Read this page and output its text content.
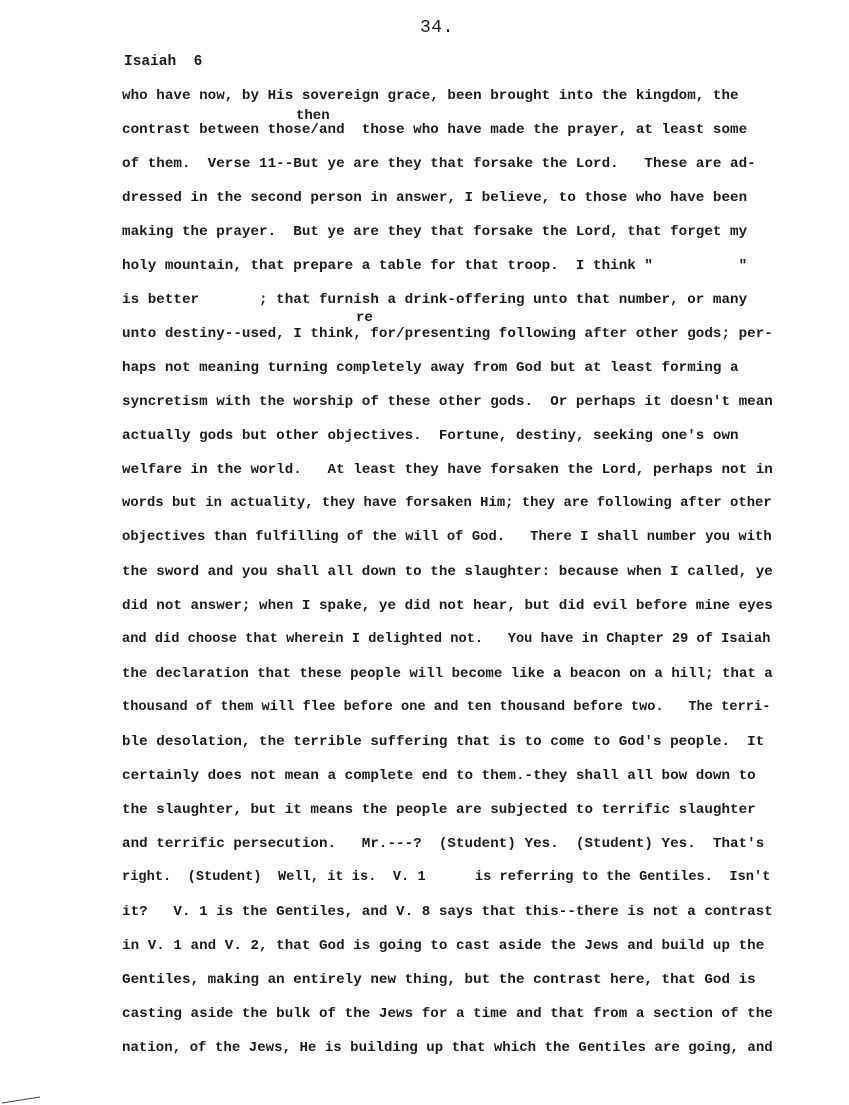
34.
Isaiah  6
then
re
who have now, by His sovereign grace, been brought into the kingdom, the
contrast between those/and  those who have made the prayer, at least some
of them.  Verse 11--But ye are they that forsake the Lord.   These are ad-
dressed in the second person in answer, I believe, to those who have been
making the prayer.  But ye are they that forsake the Lord, that forget my
holy mountain, that prepare a table for that troop.  I think "          "
is better       ; that furnish a drink-offering unto that number, or many
unto destiny--used, I think, for/presenting following after other gods; per-
haps not meaning turning completely away from God but at least forming a
syncretism with the worship of these other gods.  Or perhaps it doesn't mean
actually gods but other objectives.  Fortune, destiny, seeking one's own
welfare in the world.   At least they have forsaken the Lord, perhaps not in
words but in actuality, they have forsaken Him; they are following after other
objectives than fulfilling of the will of God.   There I shall number you with
the sword and you shall all down to the slaughter: because when I called, ye
did not answer; when I spake, ye did not hear, but did evil before mine eyes
and did choose that wherein I delighted not.   You have in Chapter 29 of Isaiah
the declaration that these people will become like a beacon on a hill; that a
thousand of them will flee before one and ten thousand before two.   The terri-
ble desolation, the terrible suffering that is to come to God's people.  It
certainly does not mean a complete end to them.-they shall all bow down to
the slaughter, but it means the people are subjected to terrific slaughter
and terrific persecution.   Mr.---?  (Student) Yes.  (Student) Yes.  That's
right.  (Student)  Well, it is.  V. 1      is referring to the Gentiles.  Isn't
it?   V. 1 is the Gentiles, and V. 8 says that this--there is not a contrast
in V. 1 and V. 2, that God is going to cast aside the Jews and build up the
Gentiles, making an entirely new thing, but the contrast here, that God is
casting aside the bulk of the Jews for a time and that from a section of the
nation, of the Jews, He is building up that which the Gentiles are going, and
